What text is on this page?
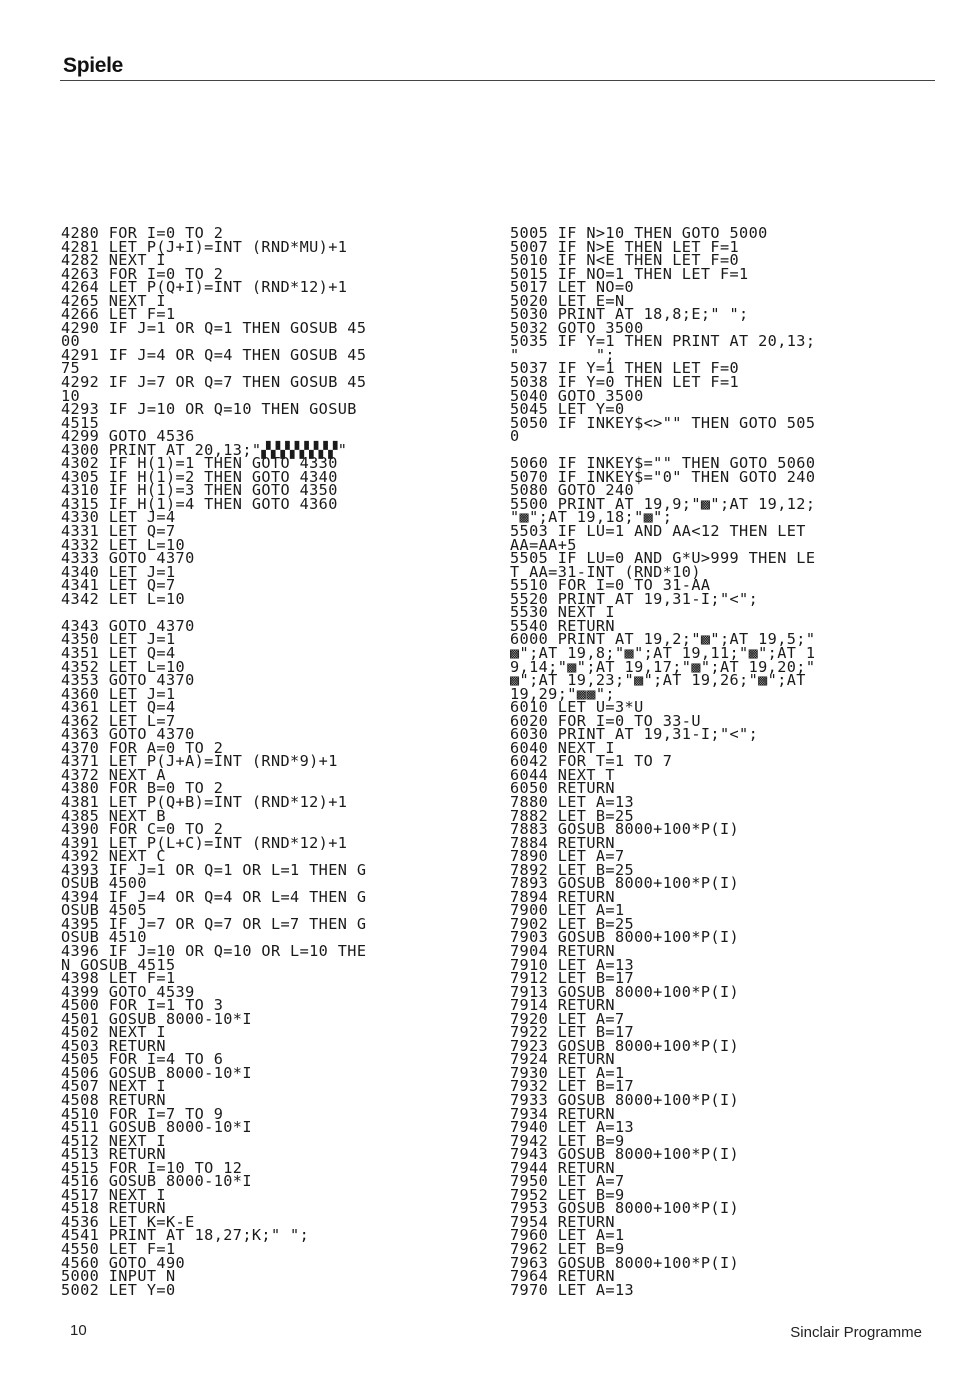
Spiele
4280 FOR I=0 TO 2
4281 LET P(J+I)=INT (RND*MU)+1
4282 NEXT I
4263 FOR I=0 TO 2
4264 LET P(Q+I)=INT (RND*12)+1
4265 NEXT I
4266 LET F=1
4290 IF J=1 OR Q=1 THEN GOSUB 45
00
4291 IF J=4 OR Q=4 THEN GOSUB 45
75
4292 IF J=7 OR Q=7 THEN GOSUB 45
10
4293 IF J=10 OR Q=10 THEN GOSUB
4515
4299 GOTO 4536
4300 PRINT AT 20,13;"▞▞▞▞▞▞▞▞"
4302 IF H(1)=1 THEN GOTO 4330
4305 IF H(1)=2 THEN GOTO 4340
4310 IF H(1)=3 THEN GOTO 4350
4315 IF H(1)=4 THEN GOTO 4360
4330 LET J=4
4331 LET Q=7
4332 LET L=10
4333 GOTO 4370
4340 LET J=1
4341 LET Q=7
4342 LET L=10
4343 GOTO 4370
4350 LET J=1
4351 LET Q=4
4352 LET L=10
4353 GOTO 4370
4360 LET J=1
4361 LET Q=4
4362 LET L=7
4363 GOTO 4370
4370 FOR A=0 TO 2
4371 LET P(J+A)=INT (RND*9)+1
4372 NEXT A
4380 FOR B=0 TO 2
4381 LET P(Q+B)=INT (RND*12)+1
4385 NEXT B
4390 FOR C=0 TO 2
4391 LET P(L+C)=INT (RND*12)+1
4392 NEXT C
4393 IF J=1 OR Q=1 OR L=1 THEN G
OSUB 4500
4394 IF J=4 OR Q=4 OR L=4 THEN G
OSUB 4505
4395 IF J=7 OR Q=7 OR L=7 THEN G
OSUB 4510
4396 IF J=10 OR Q=10 OR L=10 THE
N GOSUB 4515
4398 LET F=1
4399 GOTO 4539
4500 FOR I=1 TO 3
4501 GOSUB 8000-10*I
4502 NEXT I
4503 RETURN
4505 FOR I=4 TO 6
4506 GOSUB 8000-10*I
4507 NEXT I
4508 RETURN
4510 FOR I=7 TO 9
4511 GOSUB 8000-10*I
4512 NEXT I
4513 RETURN
4515 FOR I=10 TO 12
4516 GOSUB 8000-10*I
4517 NEXT I
4518 RETURN
4536 LET K=K-E
4541 PRINT AT 18,27;K;" ";
4550 LET F=1
4560 GOTO 490
5000 INPUT N
5002 LET Y=0
5005 IF N>10 THEN GOTO 5000
5007 IF N>E THEN LET F=1
5010 IF N<E THEN LET F=0
5015 IF NO=1 THEN LET F=1
5017 LET NO=0
5020 LET E=N
5030 PRINT AT 18,8;E;" ";
5032 GOTO 3500
5035 IF Y=1 THEN PRINT AT 20,13;
"        ";
5037 IF Y=1 THEN LET F=0
5038 IF Y=0 THEN LET F=1
5040 GOTO 3500
5045 LET Y=0
5050 IF INKEY$<>"" THEN GOTO 505
0
5060 IF INKEY$="" THEN GOTO 5060
5070 IF INKEY$="0" THEN GOTO 240
5080 GOTO 240
5500 PRINT AT 19,9;"▩";AT 19,12;
"▩";AT 19,18;"▩";
5503 IF LU=1 AND AA<12 THEN LET
AA=AA+5
5505 IF LU=0 AND G*U>999 THEN LE
T AA=31-INT (RND*10)
5510 FOR I=0 TO 31-AA
5520 PRINT AT 19,31-I;"<";
5530 NEXT I
5540 RETURN
6000 PRINT AT 19,2;"▩";AT 19,5;"
▩";AT 19,8;"▩";AT 19,11;"▩";AT 1
9,14;"▩";AT 19,17;"▩";AT 19,20;"
▩";AT 19,23;"▩";AT 19,26;"▩";AT
19,29;"▩▩";
6010 LET U=3*U
6020 FOR I=0 TO 33-U
6030 PRINT AT 19,31-I;"<";
6040 NEXT I
6042 FOR T=1 TO 7
6044 NEXT T
6050 RETURN
7880 LET A=13
7882 LET B=25
7883 GOSUB 8000+100*P(I)
7884 RETURN
7890 LET A=7
7892 LET B=25
7893 GOSUB 8000+100*P(I)
7894 RETURN
7900 LET A=1
7902 LET B=25
7903 GOSUB 8000+100*P(I)
7904 RETURN
7910 LET A=13
7912 LET B=17
7913 GOSUB 8000+100*P(I)
7914 RETURN
7920 LET A=7
7922 LET B=17
7923 GOSUB 8000+100*P(I)
7924 RETURN
7930 LET A=1
7932 LET B=17
7933 GOSUB 8000+100*P(I)
7934 RETURN
7940 LET A=13
7942 LET B=9
7943 GOSUB 8000+100*P(I)
7944 RETURN
7950 LET A=7
7952 LET B=9
7953 GOSUB 8000+100*P(I)
7954 RETURN
7960 LET A=1
7962 LET B=9
7963 GOSUB 8000+100*P(I)
7964 RETURN
7970 LET A=13
10	Sinclair Programme
